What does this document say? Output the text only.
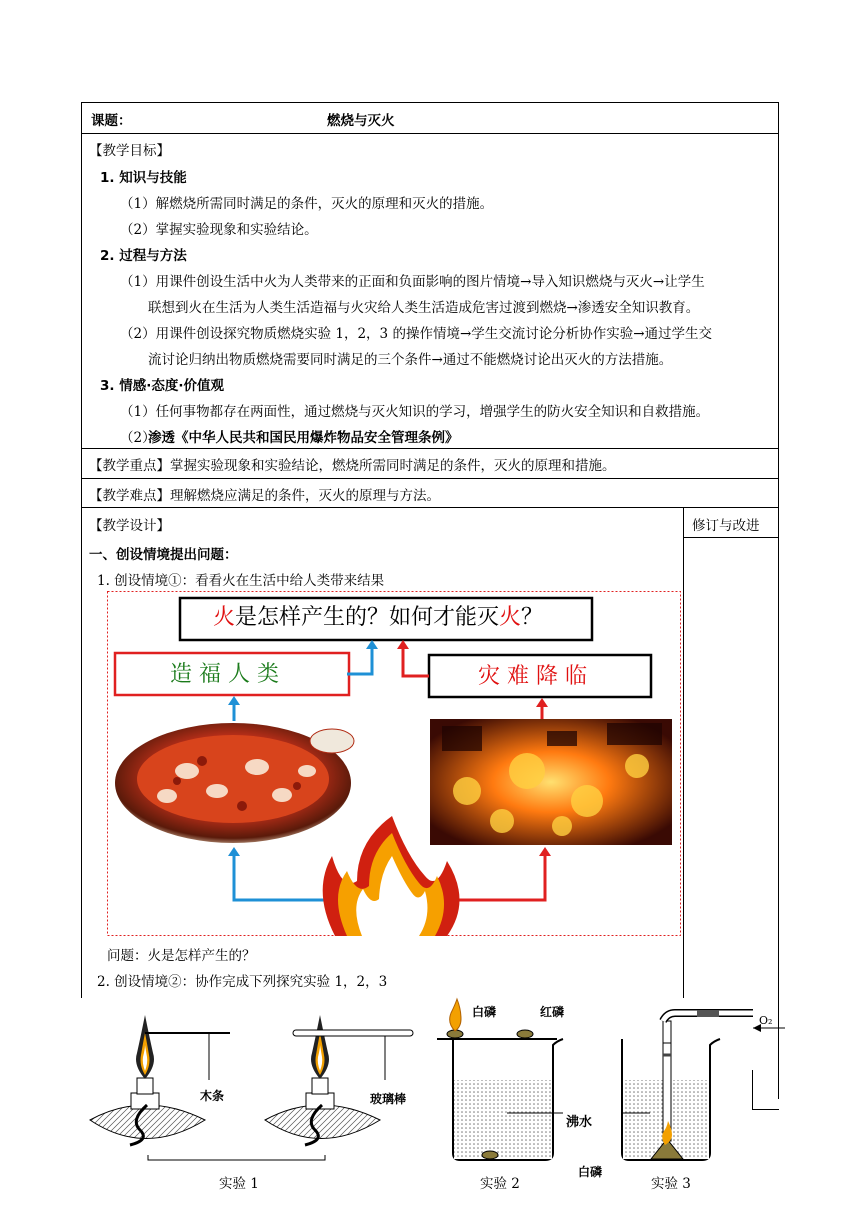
课题：	燃烧与灭火
【教学目标】
1. 知识与技能
（1）解燃烧所需同时满足的条件，灭火的原理和灭火的措施。
（2）掌握实验现象和实验结论。
2. 过程与方法
（1）用课件创设生活中火为人类带来的正面和负面影响的图片情境→导入知识燃烧与灭火→让学生
联想到火在生活为人类生活造福与火灾给人类生活造成危害过渡到燃烧→渗透安全知识教育。
（2）用课件创设探究物质燃烧实验 1，2，3 的操作情境→学生交流讨论分析协作实验→通过学生交
流讨论归纳出物质燃烧需要同时满足的三个条件→通过不能燃烧讨论出灭火的方法措施。
3. 情感·态度·价值观
（1）任何事物都存在两面性，通过燃烧与灭火知识的学习，增强学生的防火安全知识和自救措施。
（2）
渗透《中华人民共和国民用爆炸物品安全管理条例》
【教学重点】掌握实验现象和实验结论，燃烧所需同时满足的条件，灭火的原理和措施。
【教学难点】理解燃烧应满足的条件，灭火的原理与方法。
【教学设计】	修订与改进
一、创设情境提出问题：
1. 创设情境①：看看火在生活中给人类带来结果
火是怎样产生的？如何才能灭火？
造 福 人 类	灾 难 降 临
问题：火是怎样产生的？
2. 创设情境②：协作完成下列探究实验 1，2，3
木条	玻璃棒
白磷	红磷
沸水
白磷
O₂
实验 1	实验 2	实验 3
